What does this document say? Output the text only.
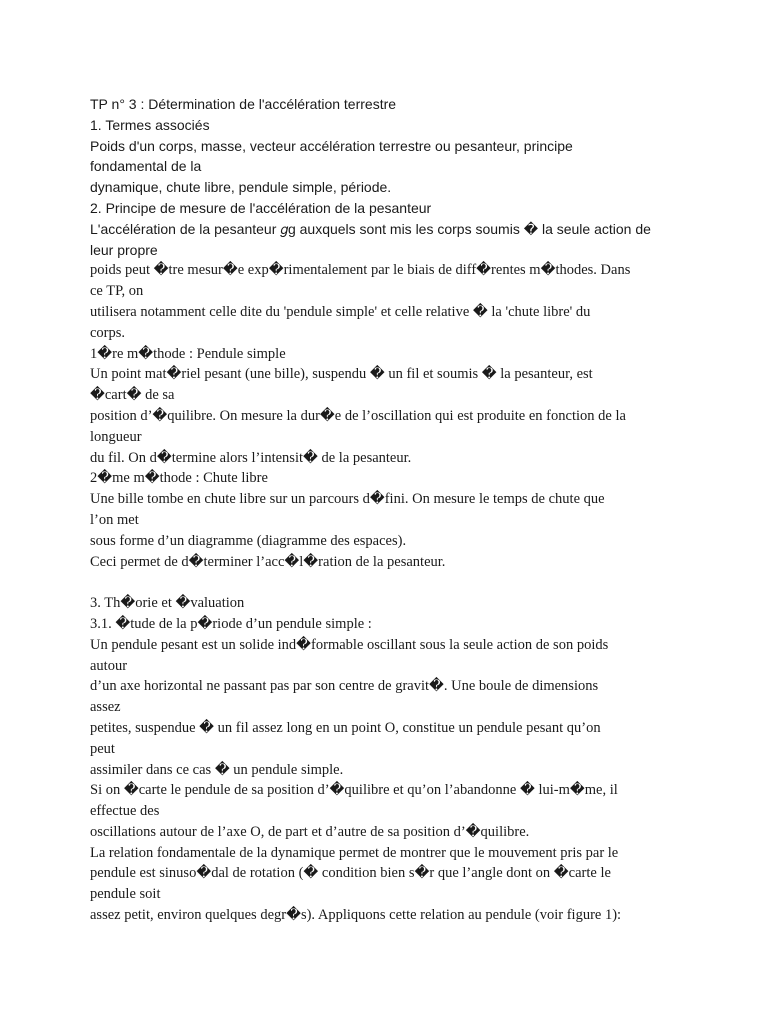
TP n° 3 : Détermination de l'accélération terrestre

1. Termes associés

Poids d'un corps, masse, vecteur accélération terrestre ou pesanteur, principe

fondamental de la

dynamique, chute libre, pendule simple, période.

2. Principe de mesure de l'accélération de la pesanteur

L'accélération de la pesanteur 𝑔g auxquels sont mis les corps soumis � la seule action de

leur propre

poids peut �tre mesur�e exp�rimentalement par le biais de diff�rentes m�thodes. Dans

ce TP, on

utilisera notamment celle dite du 'pendule simple' et celle relative � la 'chute libre' du

corps.

1�re m�thode : Pendule simple

Un point mat�riel pesant (une bille), suspendu � un fil et soumis � la pesanteur, est

�cart� de sa

position d’�quilibre. On mesure la dur�e de l’oscillation qui est produite en fonction de la

longueur

du fil. On d�termine alors l’intensit� de la pesanteur.

2�me m�thode : Chute libre

Une bille tombe en chute libre sur un parcours d�fini. On mesure le temps de chute que

l’on met

sous forme d’un diagramme (diagramme des espaces).

Ceci permet de d�terminer l’acc�l�ration de la pesanteur.

3. Th�orie et �valuation

3.1. �tude de la p�riode d’un pendule simple :

Un pendule pesant est un solide ind�formable oscillant sous la seule action de son poids

autour

d’un axe horizontal ne passant pas par son centre de gravit�. Une boule de dimensions

assez

petites, suspendue � un fil assez long en un point O, constitue un pendule pesant qu’on

peut

assimiler dans ce cas � un pendule simple.

Si on �carte le pendule de sa position d’�quilibre et qu’on l’abandonne � lui-m�me, il

effectue des

oscillations autour de l’axe O, de part et d’autre de sa position d’�quilibre.

La relation fondamentale de la dynamique permet de montrer que le mouvement pris par le

pendule est sinuso�dal de rotation (� condition bien s�r que l’angle dont on �carte le

pendule soit

assez petit, environ quelques degr�s). Appliquons cette relation au pendule (voir figure 1):
